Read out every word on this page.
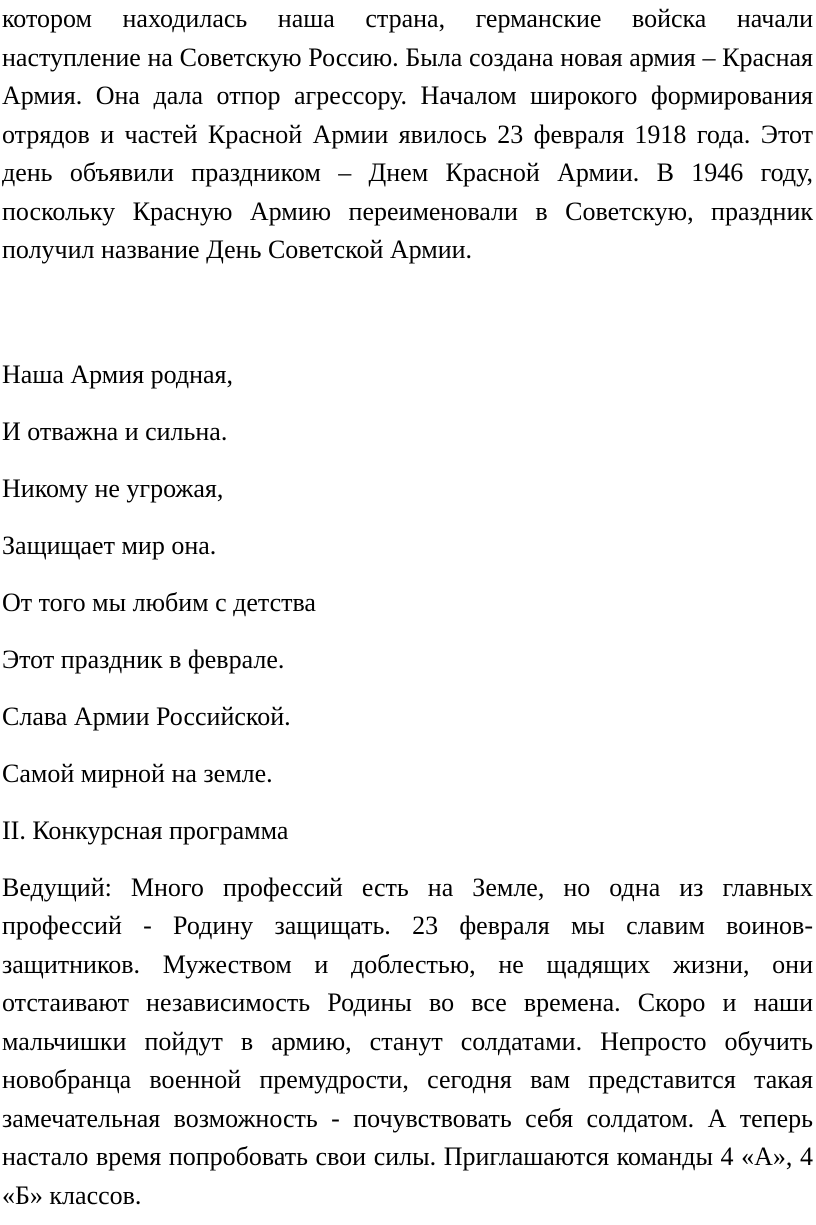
котором находилась наша страна, германские войска начали наступление на Советскую Россию. Была создана новая армия – Красная Армия. Она дала отпор агрессору. Началом широкого формирования отрядов и частей Красной Армии явилось 23 февраля 1918 года. Этот день объявили праздником – Днем Красной Армии. В 1946 году, поскольку Красную Армию переименовали в Советскую, праздник получил название День Советской Армии.

Наша Армия родная,

И отважна и сильна.

Никому не угрожая,

Защищает мир она.

От того мы любим с детства

Этот праздник в феврале.

Слава Армии Российской.

Самой мирной на земле.

II. Конкурсная программа

Ведущий: Много профессий есть на Земле, но одна из главных профессий - Родину защищать. 23 февраля мы славим воинов-защитников. Мужеством и доблестью, не щадящих жизни, они отстаивают независимость Родины во все времена. Скоро и наши мальчишки пойдут в армию, станут солдатами. Непросто обучить новобранца военной премудрости, сегодня вам представится такая замечательная возможность - почувствовать себя солдатом. А теперь настало время попробовать свои силы. Приглашаются команды 4 «А», 4 «Б» классов.
